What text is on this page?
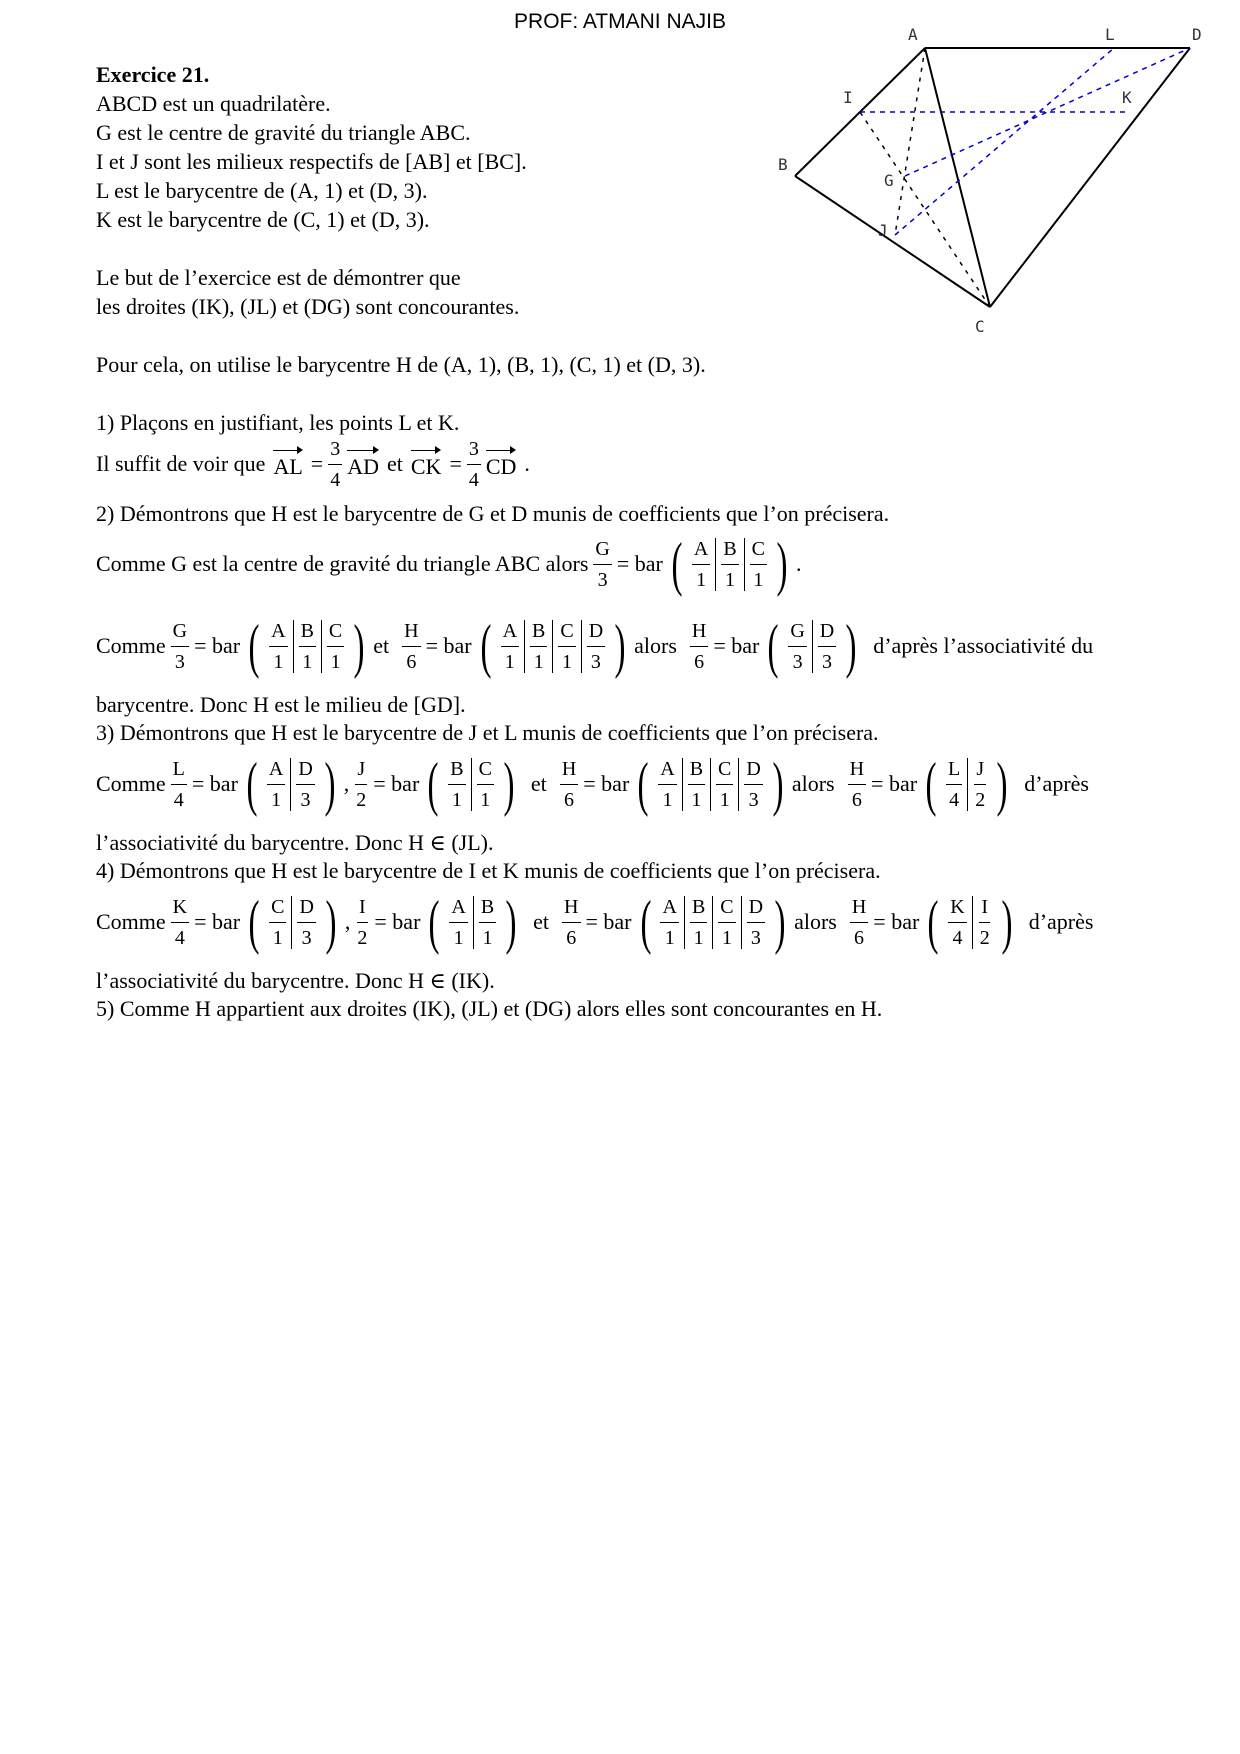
PROF: ATMANI NAJIB
A	L	D
I	K
B
G
J
C
Exercice 21.
ABCD est un quadrilatère.
G est le centre de gravité du triangle ABC.
I et J sont les milieux respectifs de [AB] et [BC].
L est le barycentre de (A, 1) et (D, 3).
K est le barycentre de (C, 1) et (D, 3).
Le but de l’exercice est de démontrer que
les droites (IK), (JL) et (DG) sont concourantes.
Pour cela, on utilise le barycentre H de (A, 1), (B, 1), (C, 1) et (D, 3).
1) Plaçons en justifiant, les points L et K.
Il suffit de voir que AL = $\frac{3}{4}$ AD et CK = $\frac{3}{4}$ CD .
2) Démontrons que H est le barycentre de G et D munis de coefficients que l’on précisera.
Comme G est la centre de gravité du triangle ABC alors $\frac{G}{3}$ = bar ( A
1
B
1
C
1 ) .
Comme $\frac{G}{3}$ = bar ( A
1
B
1
C
1 ) et $\frac{H}{6}$ = bar ( A
1
B
1
C
1
D
3 ) alors $\frac{H}{6}$ = bar ( G
3
D
3 ) d’après l’associativité du
barycentre. Donc H est le milieu de [GD].
3) Démontrons que H est le barycentre de J et L munis de coefficients que l’on précisera.
Comme $\frac{L}{4}$ = bar ( A
1
D
3 ) , $\frac{J}{2}$ = bar ( B
1
C
1 ) et $\frac{H}{6}$ = bar ( A
1
B
1
C
1
D
3 ) alors $\frac{H}{6}$ = bar ( L
4
J
2 ) d’après
l’associativité du barycentre. Donc H ∈ (JL).
4) Démontrons que H est le barycentre de I et K munis de coefficients que l’on précisera.
Comme $\frac{K}{4}$ = bar ( C
1
D
3 ) , $\frac{I}{2}$ = bar ( A
1
B
1 ) et $\frac{H}{6}$ = bar ( A
1
B
1
C
1
D
3 ) alors $\frac{H}{6}$ = bar ( K
4
I
2 ) d’après
l’associativité du barycentre. Donc H ∈ (IK).
5) Comme H appartient aux droites (IK), (JL) et (DG) alors elles sont concourantes en H.
